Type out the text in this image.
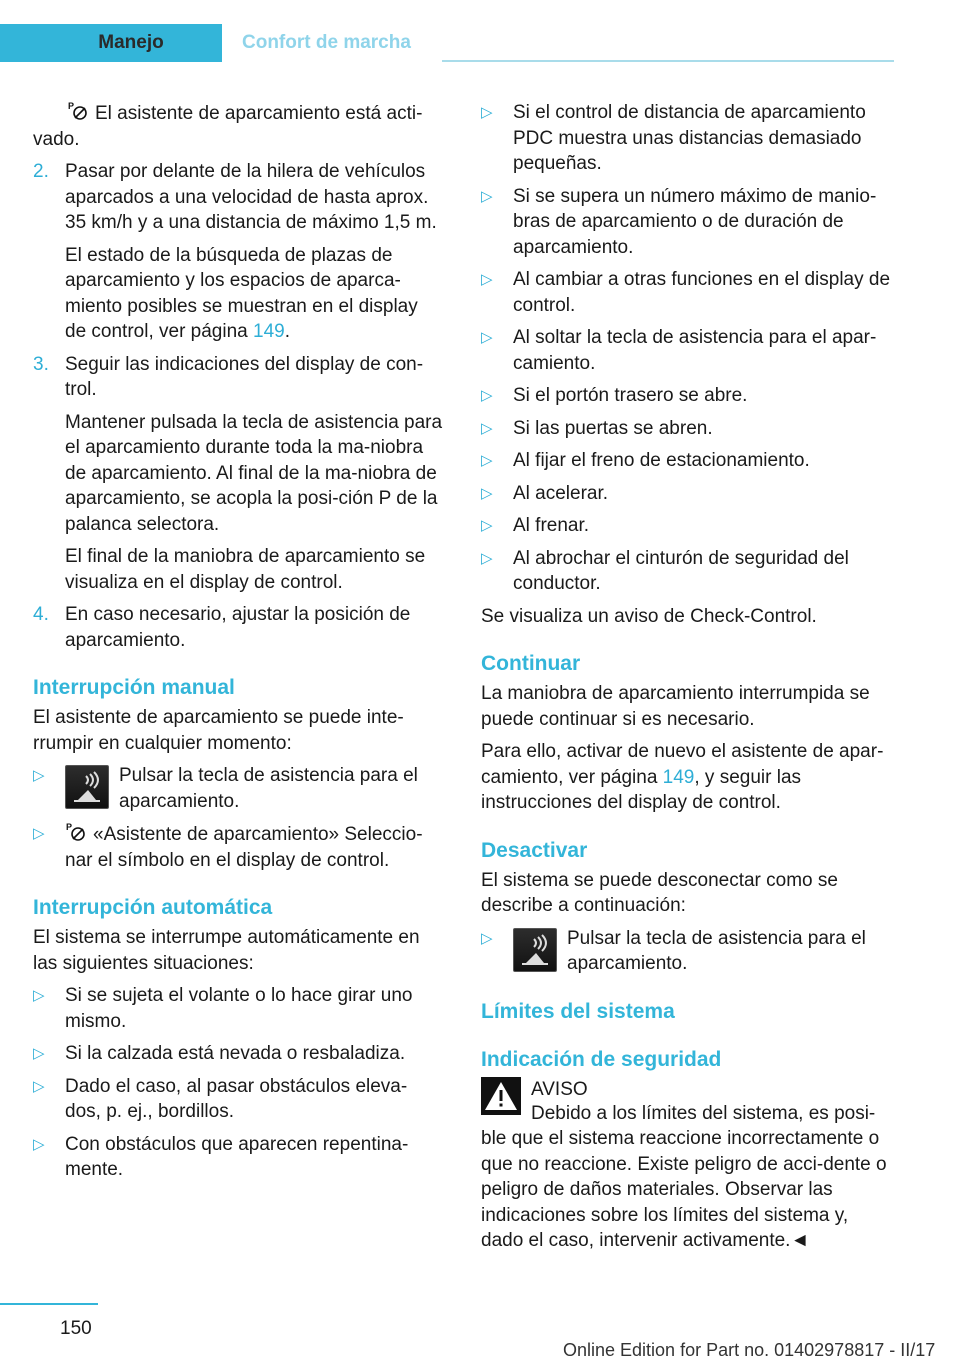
Manejo	Confort de marcha

P El asistente de aparcamiento está acti-vado.

2. Pasar por delante de la hilera de vehículos aparcados a una velocidad de hasta aprox. 35 km/h y a una distancia de máximo 1,5 m.

El estado de la búsqueda de plazas de aparcamiento y los espacios de aparca-miento posibles se muestran en el display de control, ver página 149.

3. Seguir las indicaciones del display de con-trol.

Mantener pulsada la tecla de asistencia para el aparcamiento durante toda la ma-niobra de aparcamiento. Al final de la ma-niobra de aparcamiento, se acopla la posi-ción P de la palanca selectora.

El final de la maniobra de aparcamiento se visualiza en el display de control.

4. En caso necesario, ajustar la posición de aparcamiento.

Interrupción manual

El asistente de aparcamiento se puede inte-rrumpir en cualquier momento:

▷	Pulsar la tecla de asistencia para el aparcamiento.
▷	P «Asistente de aparcamiento» Seleccio-nar el símbolo en el display de control.
Interrupción automática

El sistema se interrumpe automáticamente en las siguientes situaciones:

▷	Si se sujeta el volante o lo hace girar uno mismo.
▷	Si la calzada está nevada o resbaladiza.
▷	Dado el caso, al pasar obstáculos eleva-dos, p. ej., bordillos.
▷	Con obstáculos que aparecen repentina-mente.
▷	Si el control de distancia de aparcamiento PDC muestra unas distancias demasiado pequeñas.
▷	Si se supera un número máximo de manio-bras de aparcamiento o de duración de aparcamiento.
▷	Al cambiar a otras funciones en el display de control.
▷	Al soltar la tecla de asistencia para el apar-camiento.
▷	Si el portón trasero se abre.
▷	Si las puertas se abren.
▷	Al fijar el freno de estacionamiento.
▷	Al acelerar.
▷	Al frenar.
▷	Al abrochar el cinturón de seguridad del conductor.

Se visualiza un aviso de Check-Control.

Continuar

La maniobra de aparcamiento interrumpida se puede continuar si es necesario.

Para ello, activar de nuevo el asistente de apar-camiento, ver página 149, y seguir las instrucciones del display de control.

Desactivar

El sistema se puede desconectar como se describe a continuación:

▷	Pulsar la tecla de asistencia para el aparcamiento.
Límites del sistema
Indicación de seguridad
AVISO

Debido a los límites del sistema, es posi-ble que el sistema reaccione incorrectamente o que no reaccione. Existe peligro de acci-dente o peligro de daños materiales. Observar las indicaciones sobre los límites del sistema y, dado el caso, intervenir activamente.◄

150
Online Edition for Part no. 01402978817 - II/17
